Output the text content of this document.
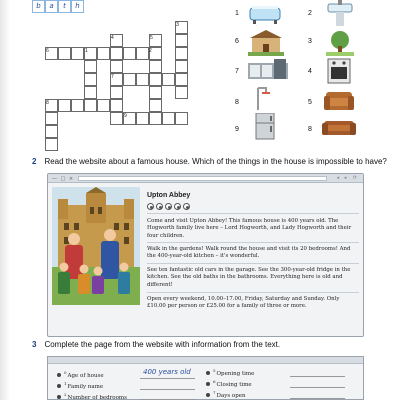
b	a	t	h
4
3
5
6
7
8
9
2
1
1	2
6	3
7	4
8	5
9	8
2 Read the website about a famous house. Which of the things in the house is impossible to have?
— □ ×	◂ ▸ ⟳
Upton Abbey
Come and visit Upton Abbey! This famous house is 400 years old. The Hogworth family live here – Lord Hogworth, and Lady Hogworth and their four children.
Walk in the gardens! Walk round the house and visit its 20 bedrooms! And the 400-year-old kitchen – it's wonderful.
See ten fantastic old cars in the garage. See the 300-year-old fridge in the kitchen. See the old baths in the bathrooms. Everything here is old and different!
Open every weekend, 10.00–17.00, Friday, Saturday and Sunday. Only £10.00 per person or £25.00 for a family of three or more.
3 Complete the page from the website with information from the text.
$^0$Age of house	400 years old
$^1$Family name
$^2$Number of bedrooms
$^5$Opening time
$^6$Closing time
$^7$Days open
